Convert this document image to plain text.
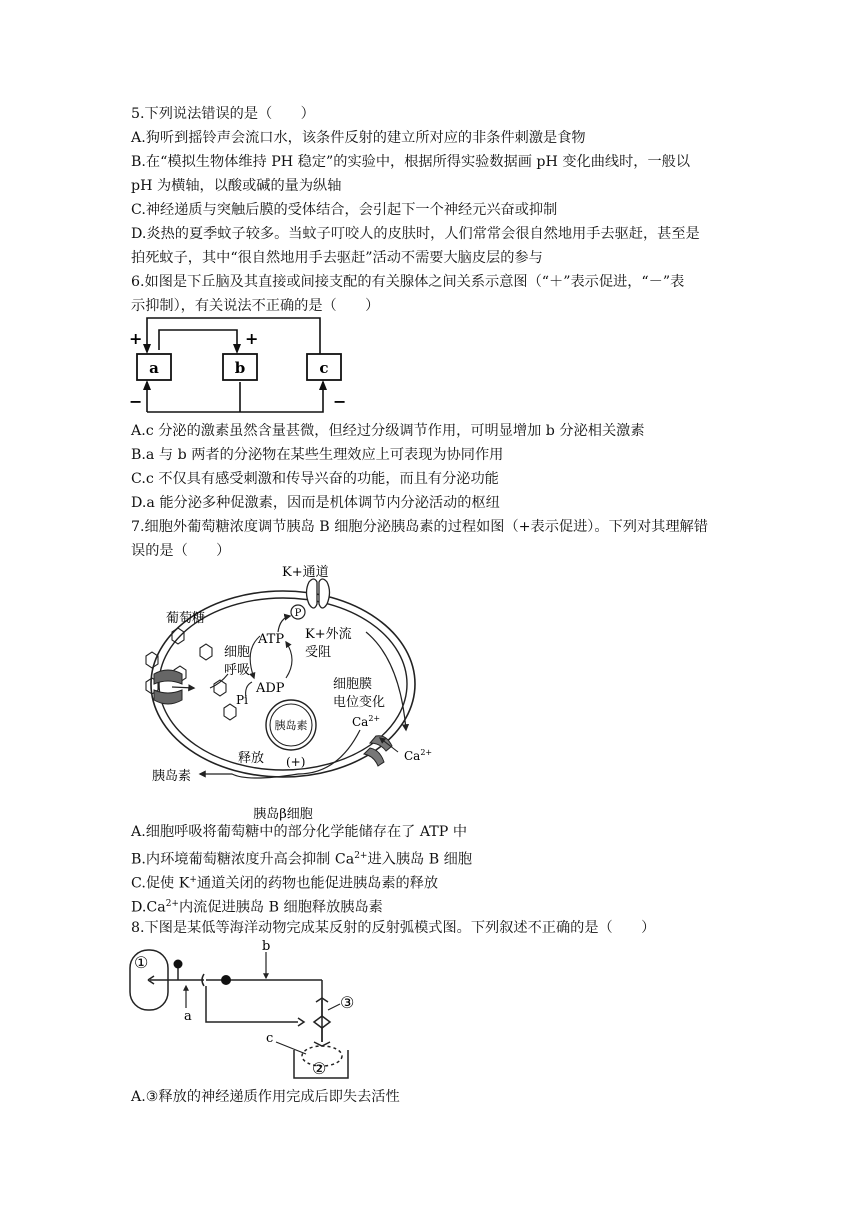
5.下列说法错误的是（　　）
A.狗听到摇铃声会流口水，该条件反射的建立所对应的非条件刺激是食物
B.在“模拟生物体维持 PH 稳定”的实验中，根据所得实验数据画 pH 变化曲线时，一般以
pH 为横轴，以酸或碱的量为纵轴
C.神经递质与突触后膜的受体结合，会引起下一个神经元兴奋或抑制
D.炎热的夏季蚊子较多。当蚊子叮咬人的皮肤时，人们常常会很自然地用手去驱赶，甚至是
拍死蚊子，其中“很自然地用手去驱赶”活动不需要大脑皮层的参与
6.如图是下丘脑及其直接或间接支配的有关腺体之间关系示意图（“＋”表示促进，“－”表
示抑制），有关说法不正确的是（　　）
a	b	c
+	+
−	−
A.c 分泌的激素虽然含量甚微，但经过分级调节作用，可明显增加 b 分泌相关激素
B.a 与 b 两者的分泌物在某些生理效应上可表现为协同作用
C.c 不仅具有感受刺激和传导兴奋的功能，而且有分泌功能
D.a 能分泌多种促激素，因而是机体调节内分泌活动的枢纽
7.细胞外葡萄糖浓度调节胰岛 B 细胞分泌胰岛素的过程如图（+表示促进）。下列对其理解错
误的是（　　）
K+通道
P
葡萄糖
细胞
呼吸
ATP
ADP
Pi
K+外流
受阻
细胞膜
电位变化
$Ca^{2+}$
$Ca^{2+}$
胰岛素
释放 (+)
胰岛素
胰岛β细胞
A.细胞呼吸将葡萄糖中的部分化学能储存在了 ATP 中
B.内环境葡萄糖浓度升高会抑制 $Ca^{2+}$进入胰岛 B 细胞
C.促使 K+通道关闭的药物也能促进胰岛素的释放
$D.Ca^{2+}$内流促进胰岛 B 细胞释放胰岛素
8.下图是某低等海洋动物完成某反射的反射弧模式图。下列叙述不正确的是（　　）
①
②
③
a
b
c
A.③释放的神经递质作用完成后即失去活性
